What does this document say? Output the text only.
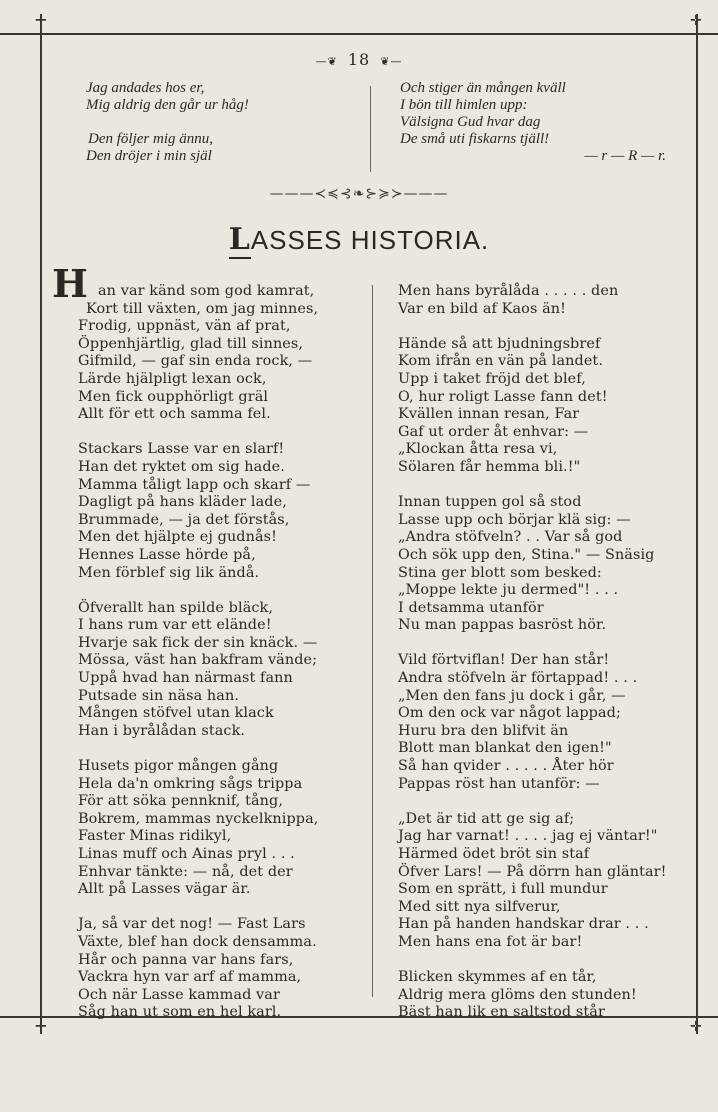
✛	✛
✛	✛
—❦ 18 ❦—
Jag andades hos er,
Mig aldrig den går ur håg!
Den följer mig ännu,
Den dröjer i min själ
Och stiger än mången kväll
I bön till himlen upp:
Välsigna Gud hvar dag
De små uti fiskarns tjäll!
— r — R — r.
———≺≼⊰❧⊱≽≻———
LASSES HISTORIA.
H an var känd som god kamrat,
Kort till växten, om jag minnes,
Frodig, uppnäst, vän af prat,
Öppenhjärtlig, glad till sinnes,
Gifmild, — gaf sin enda rock, —
Lärde hjälpligt lexan ock,
Men fick oupphörligt gräl
Allt för ett och samma fel.
Stackars Lasse var en slarf!
Han det ryktet om sig hade.
Mamma tåligt lapp och skarf —
Dagligt på hans kläder lade,
Brummade, — ja det förstås,
Men det hjälpte ej gudnås!
Hennes Lasse hörde på,
Men förblef sig lik ändå.
Öfverallt han spilde bläck,
I hans rum var ett elände!
Hvarje sak fick der sin knäck. —
Mössa, väst han bakfram vände;
Uppå hvad han närmast fann
Putsade sin näsa han.
Mången stöfvel utan klack
Han i byrålådan stack.
Husets pigor mången gång
Hela da'n omkring sågs trippa
För att söka pennknif, tång,
Bokrem, mammas nyckelknippa,
Faster Minas ridikyl,
Linas muff och Ainas pryl . . .
Enhvar tänkte: — nå, det der
Allt på Lasses vägar är.
Ja, så var det nog! — Fast Lars
Växte, blef han dock densamma.
Hår och panna var hans fars,
Vackra hyn var arf af mamma,
Och när Lasse kammad var
Såg han ut som en hel karl.
Men hans byrålåda . . . . . den
Var en bild af Kaos än!
Hände så att bjudningsbref
Kom ifrån en vän på landet.
Upp i taket fröjd det blef,
O, hur roligt Lasse fann det!
Kvällen innan resan, Far
Gaf ut order åt enhvar: —
„Klockan åtta resa vi,
Sölaren får hemma bli.!"
Innan tuppen gol så stod
Lasse upp och börjar klä sig: —
„Andra stöfveln? . . Var så god
Och sök upp den, Stina." — Snäsig
Stina ger blott som besked:
„Moppe lekte ju dermed"! . . .
I detsamma utanför
Nu man pappas basröst hör.
Vild förtviflan! Der han står!
Andra stöfveln är förtappad! . . .
„Men den fans ju dock i går, —
Om den ock var något lappad;
Huru bra den blifvit än
Blott man blankat den igen!"
Så han qvider . . . . . Åter hör
Pappas röst han utanför: —
„Det är tid att ge sig af;
Jag har varnat! . . . . jag ej väntar!"
Härmed ödet bröt sin staf
Öfver Lars! — På dörrn han gläntar!
Som en sprätt, i full mundur
Med sitt nya silfverur,
Han på handen handskar drar . . .
Men hans ena fot är bar!
Blicken skymmes af en tår,
Aldrig mera glöms den stunden!
Bäst han lik en saltstod står
